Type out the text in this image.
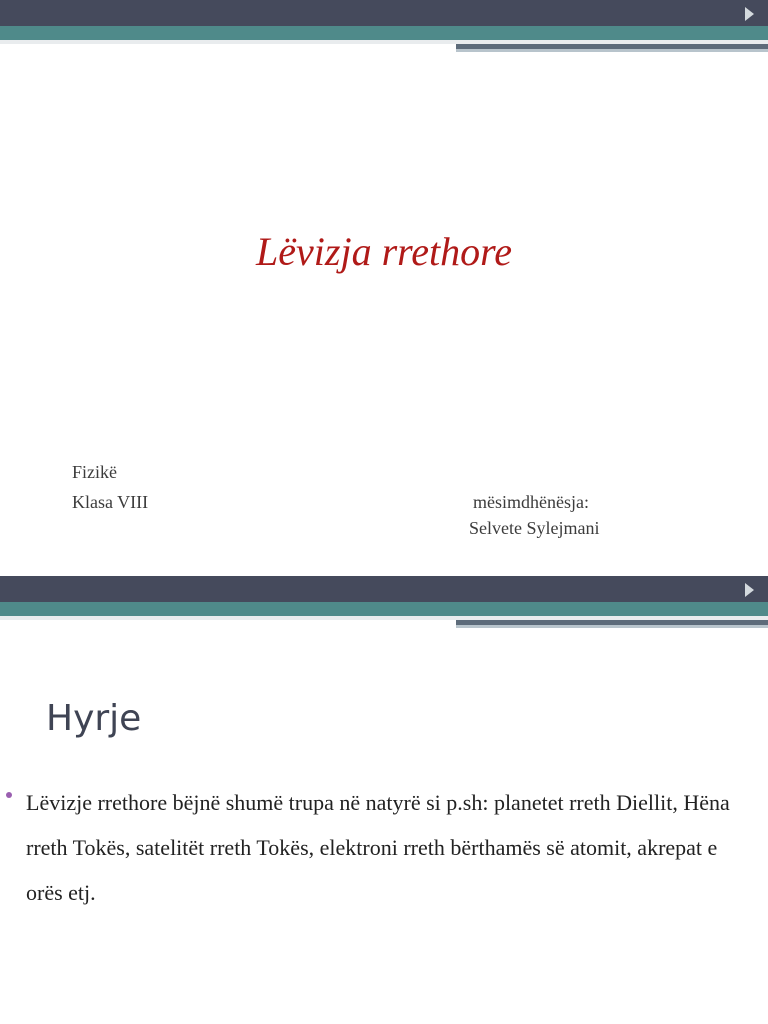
Lëvizja rrethore

Fizikë

Klasa VIII	mësimdhënësja:

Selvete Sylejmani

Hyrje

Lëvizje rrethore bëjnë shumë trupa në natyrë si p.sh: planetet rreth Diellit, Hëna rreth Tokës, satelitët rreth Tokës, elektroni rreth bërthamës së atomit, akrepat e orës etj.
